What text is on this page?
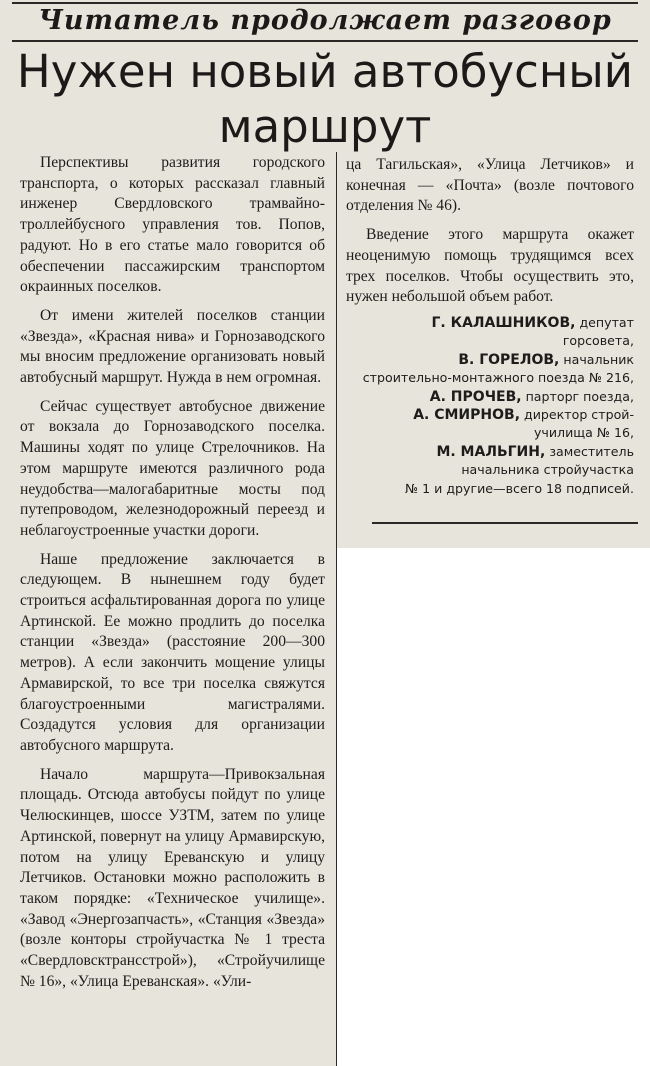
Читатель продолжает разговор
Нужен новый автобусный
маршрут

Перспективы развития городского транспорта, о которых рассказал главный инженер Свердловского трамвайно-троллейбусного управления тов. Попов, радуют. Но в его статье мало говорится об обеспечении пассажирским транспортом окраинных поселков.

От имени жителей поселков станции «Звезда», «Красная нива» и Горнозаводского мы вносим предложение организовать новый автобусный маршрут. Нужда в нем огромная.

Сейчас существует автобусное движение от вокзала до Горнозаводского поселка. Машины ходят по улице Стрелочников. На этом маршруте имеются различного рода неудобства—малогабаритные мосты под путепроводом, железнодорожный переезд и неблагоустроенные участки дороги.

Наше предложение заключается в следующем. В нынешнем году будет строиться асфальтированная дорога по улице Артинской. Ее можно продлить до поселка станции «Звезда» (расстояние 200—300 метров). А если закончить мощение улицы Армавирской, то все три поселка свяжутся благоустроенными магистралями. Создадутся условия для организации автобусного маршрута.

Начало маршрута—Привокзальная площадь. Отсюда автобусы пойдут по улице Челюскинцев, шоссе УЗТМ, затем по улице Артинской, повернут на улицу Армавирскую, потом на улицу Ереванскую и улицу Летчиков. Остановки можно расположить в таком порядке: «Техническое училище». «Завод «Энергозапчасть», «Станция «Звезда» (возле конторы стройучастка № 1 треста «Свердловсктрансстрой»), «Стройучилище № 16», «Улица Ереванская». «Ули-

ца Тагильская», «Улица Летчиков» и конечная — «Почта» (возле почтового отделения № 46).

Введение этого маршрута окажет неоценимую помощь трудящимся всех трех поселков. Чтобы осуществить это, нужен небольшой объем работ.

Г. КАЛАШНИКОВ, депутат
горсовета,
В. ГОРЕЛОВ, начальник
строительно-монтажного поезда № 216,
А. ПРОЧЕВ, парторг поезда,
А. СМИРНОВ, директор строй-
училища № 16,
М. МАЛЬГИН, заместитель
начальника стройучастка
№ 1 и другие—всего 18 подписей.
